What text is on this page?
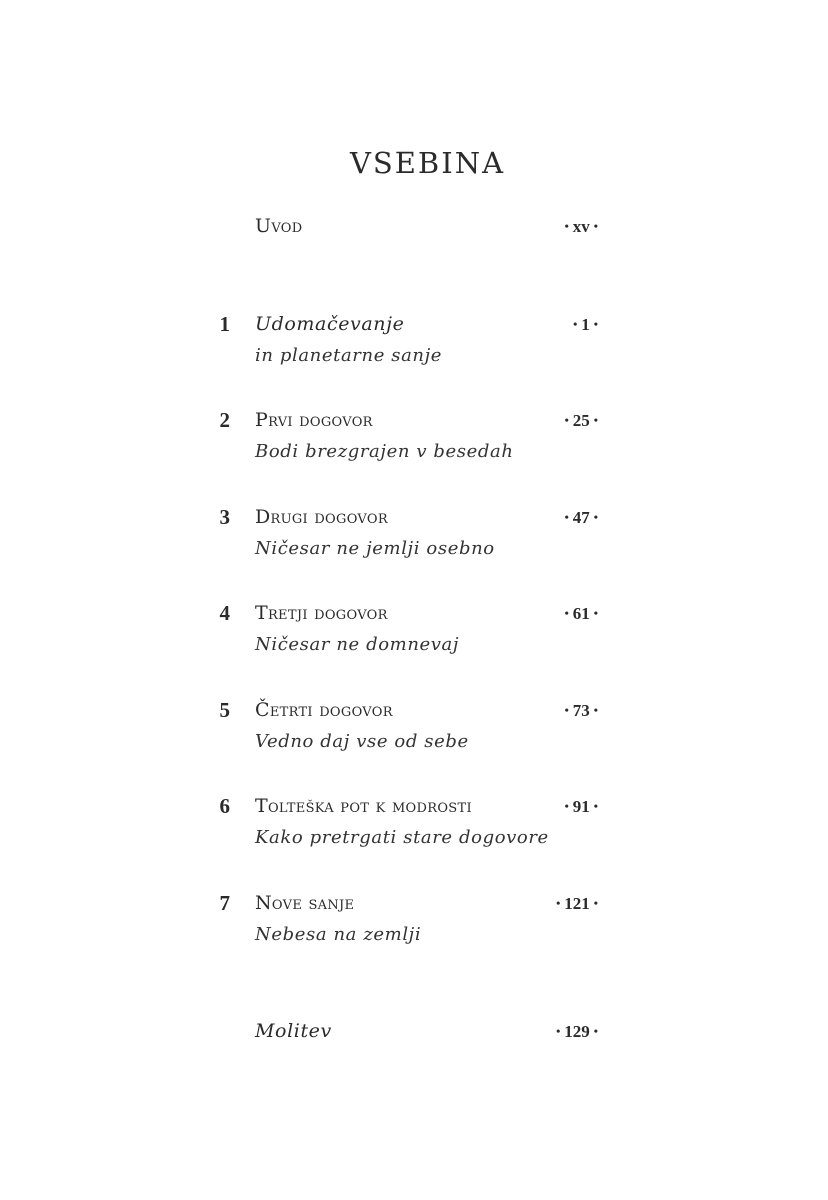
VSEBINA
Uvod	• xv •
1 Udomačevanje
in planetarne sanje
• 1 •
2 Prvi dogovor
Bodi brezgrajen v besedah
• 25 •
3 Drugi dogovor
Ničesar ne jemlji osebno
• 47 •
4 Tretji dogovor
Ničesar ne domnevaj
• 61 •
5 Četrti dogovor
Vedno daj vse od sebe
• 73 •
6 Tolteška pot k modrosti
Kako pretrgati stare dogovore
• 91 •
7 Nove sanje
Nebesa na zemlji
• 121 •
Molitev	• 129 •
